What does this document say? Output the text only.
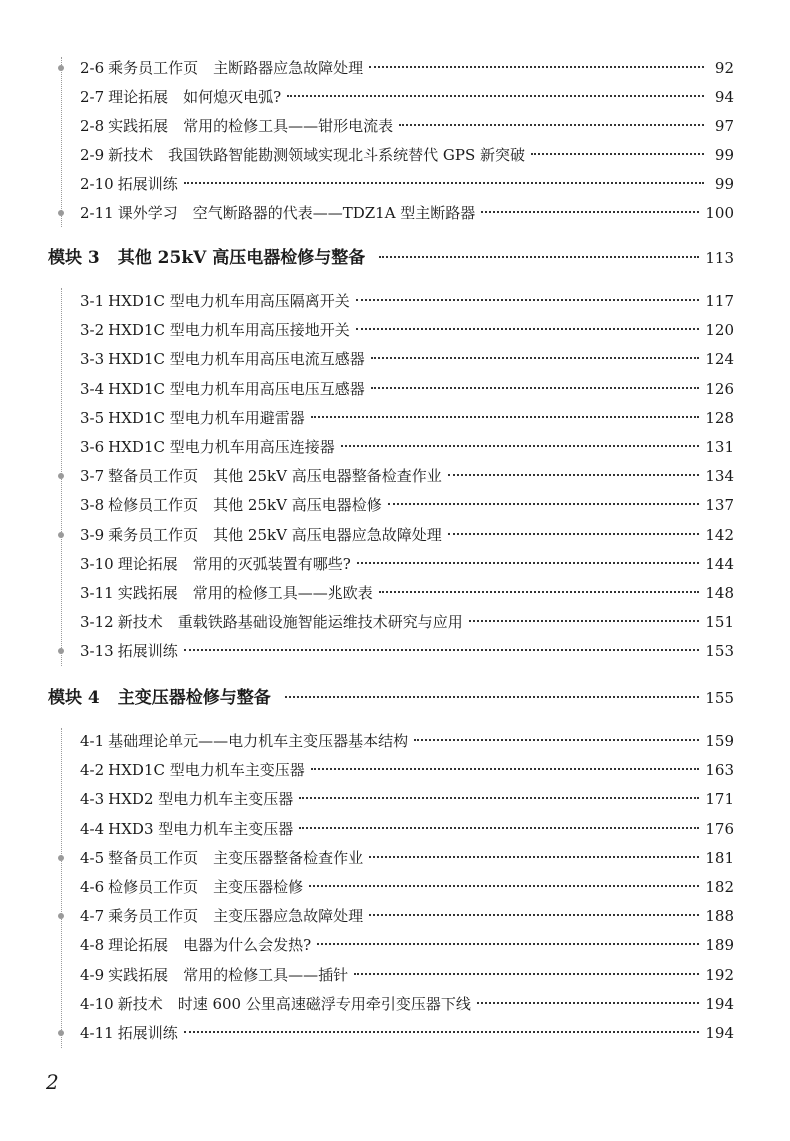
2-6 乘务员工作页　主断路器应急故障处理	92
2-7 理论拓展　如何熄灭电弧?	94
2-8 实践拓展　常用的检修工具——钳形电流表	97
2-9 新技术　我国铁路智能勘测领域实现北斗系统替代 GPS 新突破	99
2-10 拓展训练	99
2-11 课外学习　空气断路器的代表——TDZ1A 型主断路器	100
模块 3 其他 25kV 高压电器检修与整备	113
3-1 HXD1C 型电力机车用高压隔离开关	117
3-2 HXD1C 型电力机车用高压接地开关	120
3-3 HXD1C 型电力机车用高压电流互感器	124
3-4 HXD1C 型电力机车用高压电压互感器	126
3-5 HXD1C 型电力机车用避雷器	128
3-6 HXD1C 型电力机车用高压连接器	131
3-7 整备员工作页　其他 25kV 高压电器整备检查作业	134
3-8 检修员工作页　其他 25kV 高压电器检修	137
3-9 乘务员工作页　其他 25kV 高压电器应急故障处理	142
3-10 理论拓展　常用的灭弧装置有哪些?	144
3-11 实践拓展　常用的检修工具——兆欧表	148
3-12 新技术　重载铁路基础设施智能运维技术研究与应用	151
3-13 拓展训练	153
模块 4 主变压器检修与整备	155
4-1 基础理论单元——电力机车主变压器基本结构	159
4-2 HXD1C 型电力机车主变压器	163
4-3 HXD2 型电力机车主变压器	171
4-4 HXD3 型电力机车主变压器	176
4-5 整备员工作页　主变压器整备检查作业	181
4-6 检修员工作页　主变压器检修	182
4-7 乘务员工作页　主变压器应急故障处理	188
4-8 理论拓展　电器为什么会发热?	189
4-9 实践拓展　常用的检修工具——插针	192
4-10 新技术　时速 600 公里高速磁浮专用牵引变压器下线	194
4-11 拓展训练	194
2
